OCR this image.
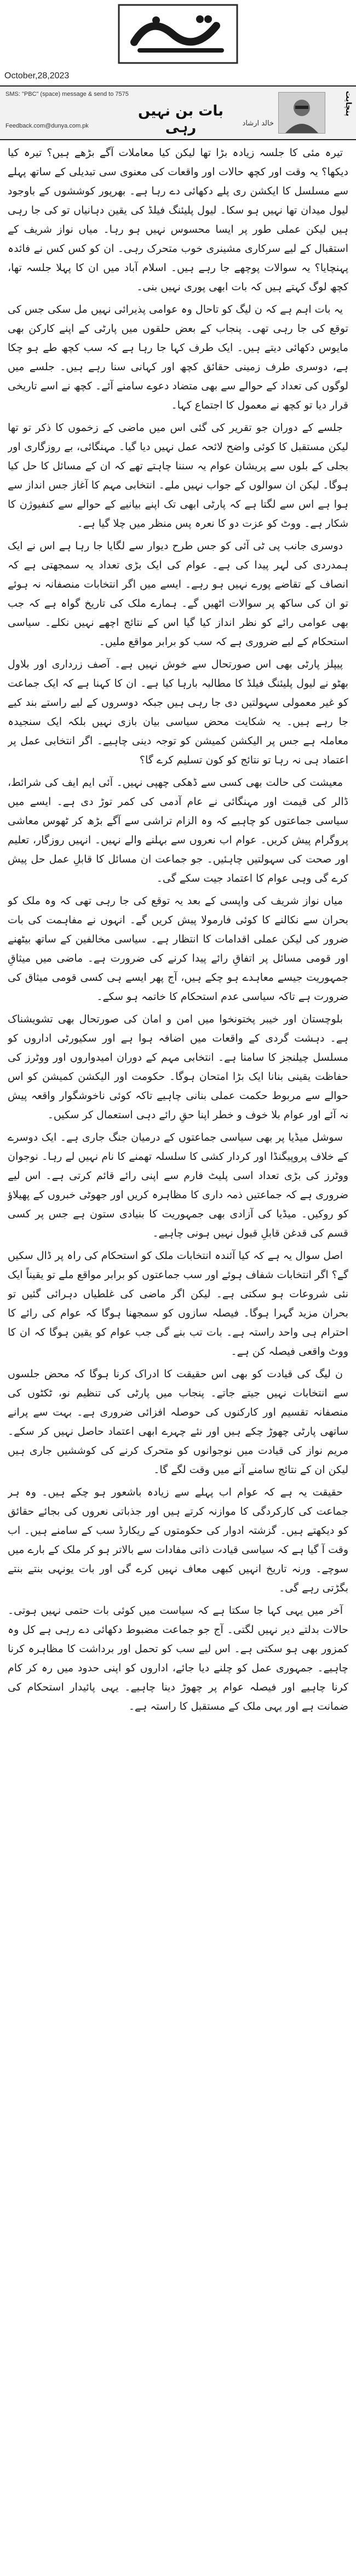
October,28,2023
SMS: "PBC" (space) message & send to 7575
Feedback.com@dunya.com.pk
بات بن نہیں رہی	خالد ارشاد
پنچایت

تیرہ مئی کا جلسہ زیادہ بڑا تھا لیکن کیا معاملات آگے بڑھے ہیں؟ تیرہ کیا دیکھا؟ یہ وقت اور کچھ حالات اور واقعات کی معنوی سی تبدیلی کے ساتھ پہلے سے مسلسل کا ایکشن ری پلے دکھائی دے رہا ہے۔ بھرپور کوششوں کے باوجود لیول میدان تھا نہیں ہو سکا۔ لیول پلیئنگ فیلڈ کی یقین دہانیاں تو کی جا رہی ہیں لیکن عملی طور پر ایسا محسوس نہیں ہو رہا۔ میاں نواز شریف کے استقبال کے لیے سرکاری مشینری خوب متحرک رہی۔ ان کو کس کس نے فائدہ پہنچایا؟ یہ سوالات پوچھے جا رہے ہیں۔ اسلام آباد میں ان کا پہلا جلسہ تھا، کچھ لوگ کہتے ہیں کہ بات ابھی پوری نہیں بنی۔

یہ بات اہم ہے کہ ن لیگ کو تاحال وہ عوامی پذیرائی نہیں مل سکی جس کی توقع کی جا رہی تھی۔ پنجاب کے بعض حلقوں میں پارٹی کے اپنے کارکن بھی مایوس دکھائی دیتے ہیں۔ ایک طرف کہا جا رہا ہے کہ سب کچھ طے ہو چکا ہے، دوسری طرف زمینی حقائق کچھ اور کہانی سنا رہے ہیں۔ جلسے میں لوگوں کی تعداد کے حوالے سے بھی متضاد دعوے سامنے آئے۔ کچھ نے اسے تاریخی قرار دیا تو کچھ نے معمول کا اجتماع کہا۔

جلسے کے دوران جو تقریر کی گئی اس میں ماضی کے زخموں کا ذکر تو تھا لیکن مستقبل کا کوئی واضح لائحہ عمل نہیں دیا گیا۔ مہنگائی، بے روزگاری اور بجلی کے بلوں سے پریشان عوام یہ سننا چاہتے تھے کہ ان کے مسائل کا حل کیا ہوگا۔ لیکن ان سوالوں کے جواب نہیں ملے۔ انتخابی مہم کا آغاز جس انداز سے ہوا ہے اس سے لگتا ہے کہ پارٹی ابھی تک اپنے بیانیے کے حوالے سے کنفیوژن کا شکار ہے۔ ووٹ کو عزت دو کا نعرہ پس منظر میں چلا گیا ہے۔

دوسری جانب پی ٹی آئی کو جس طرح دیوار سے لگایا جا رہا ہے اس نے ایک ہمدردی کی لہر پیدا کی ہے۔ عوام کی ایک بڑی تعداد یہ سمجھتی ہے کہ انصاف کے تقاضے پورے نہیں ہو رہے۔ ایسے میں اگر انتخابات منصفانہ نہ ہوئے تو ان کی ساکھ پر سوالات اٹھیں گے۔ ہمارے ملک کی تاریخ گواہ ہے کہ جب بھی عوامی رائے کو نظر انداز کیا گیا اس کے نتائج اچھے نہیں نکلے۔ سیاسی استحکام کے لیے ضروری ہے کہ سب کو برابر مواقع ملیں۔

پیپلز پارٹی بھی اس صورتحال سے خوش نہیں ہے۔ آصف زرداری اور بلاول بھٹو نے لیول پلیئنگ فیلڈ کا مطالبہ بارہا کیا ہے۔ ان کا کہنا ہے کہ ایک جماعت کو غیر معمولی سہولتیں دی جا رہی ہیں جبکہ دوسروں کے لیے راستے بند کیے جا رہے ہیں۔ یہ شکایت محض سیاسی بیان بازی نہیں بلکہ ایک سنجیدہ معاملہ ہے جس پر الیکشن کمیشن کو توجہ دینی چاہیے۔ اگر انتخابی عمل پر اعتماد ہی نہ رہا تو نتائج کو کون تسلیم کرے گا؟

معیشت کی حالت بھی کسی سے ڈھکی چھپی نہیں۔ آئی ایم ایف کی شرائط، ڈالر کی قیمت اور مہنگائی نے عام آدمی کی کمر توڑ دی ہے۔ ایسے میں سیاسی جماعتوں کو چاہیے کہ وہ الزام تراشی سے آگے بڑھ کر ٹھوس معاشی پروگرام پیش کریں۔ عوام اب نعروں سے بہلنے والے نہیں۔ انہیں روزگار، تعلیم اور صحت کی سہولتیں چاہئیں۔ جو جماعت ان مسائل کا قابلِ عمل حل پیش کرے گی وہی عوام کا اعتماد جیت سکے گی۔

میاں نواز شریف کی واپسی کے بعد یہ توقع کی جا رہی تھی کہ وہ ملک کو بحران سے نکالنے کا کوئی فارمولا پیش کریں گے۔ انہوں نے مفاہمت کی بات ضرور کی لیکن عملی اقدامات کا انتظار ہے۔ سیاسی مخالفین کے ساتھ بیٹھنے اور قومی مسائل پر اتفاقِ رائے پیدا کرنے کی ضرورت ہے۔ ماضی میں میثاقِ جمہوریت جیسے معاہدے ہو چکے ہیں، آج پھر ایسے ہی کسی قومی میثاق کی ضرورت ہے تاکہ سیاسی عدم استحکام کا خاتمہ ہو سکے۔

بلوچستان اور خیبر پختونخوا میں امن و امان کی صورتحال بھی تشویشناک ہے۔ دہشت گردی کے واقعات میں اضافہ ہوا ہے اور سکیورٹی اداروں کو مسلسل چیلنجز کا سامنا ہے۔ انتخابی مہم کے دوران امیدواروں اور ووٹرز کی حفاظت یقینی بنانا ایک بڑا امتحان ہوگا۔ حکومت اور الیکشن کمیشن کو اس حوالے سے مربوط حکمت عملی بنانی چاہیے تاکہ کوئی ناخوشگوار واقعہ پیش نہ آئے اور عوام بلا خوف و خطر اپنا حقِ رائے دہی استعمال کر سکیں۔

سوشل میڈیا پر بھی سیاسی جماعتوں کے درمیان جنگ جاری ہے۔ ایک دوسرے کے خلاف پروپیگنڈا اور کردار کشی کا سلسلہ تھمنے کا نام نہیں لے رہا۔ نوجوان ووٹرز کی بڑی تعداد اسی پلیٹ فارم سے اپنی رائے قائم کرتی ہے۔ اس لیے ضروری ہے کہ جماعتیں ذمہ داری کا مظاہرہ کریں اور جھوٹی خبروں کے پھیلاؤ کو روکیں۔ میڈیا کی آزادی بھی جمہوریت کا بنیادی ستون ہے جس پر کسی قسم کی قدغن قابلِ قبول نہیں ہونی چاہیے۔

اصل سوال یہ ہے کہ کیا آئندہ انتخابات ملک کو استحکام کی راہ پر ڈال سکیں گے؟ اگر انتخابات شفاف ہوئے اور سب جماعتوں کو برابر مواقع ملے تو یقیناً ایک نئی شروعات ہو سکتی ہے۔ لیکن اگر ماضی کی غلطیاں دہرائی گئیں تو بحران مزید گہرا ہوگا۔ فیصلہ سازوں کو سمجھنا ہوگا کہ عوام کی رائے کا احترام ہی واحد راستہ ہے۔ بات تب بنے گی جب عوام کو یقین ہوگا کہ ان کا ووٹ واقعی فیصلہ کن ہے۔

ن لیگ کی قیادت کو بھی اس حقیقت کا ادراک کرنا ہوگا کہ محض جلسوں سے انتخابات نہیں جیتے جاتے۔ پنجاب میں پارٹی کی تنظیم نو، ٹکٹوں کی منصفانہ تقسیم اور کارکنوں کی حوصلہ افزائی ضروری ہے۔ بہت سے پرانے ساتھی پارٹی چھوڑ چکے ہیں اور نئے چہرے ابھی اعتماد حاصل نہیں کر سکے۔ مریم نواز کی قیادت میں نوجوانوں کو متحرک کرنے کی کوششیں جاری ہیں لیکن ان کے نتائج سامنے آنے میں وقت لگے گا۔

حقیقت یہ ہے کہ عوام اب پہلے سے زیادہ باشعور ہو چکے ہیں۔ وہ ہر جماعت کی کارکردگی کا موازنہ کرتے ہیں اور جذباتی نعروں کی بجائے حقائق کو دیکھتے ہیں۔ گزشتہ ادوار کی حکومتوں کے ریکارڈ سب کے سامنے ہیں۔ اب وقت آ گیا ہے کہ سیاسی قیادت ذاتی مفادات سے بالاتر ہو کر ملک کے بارے میں سوچے۔ ورنہ تاریخ انہیں کبھی معاف نہیں کرے گی اور بات یونہی بنتے بنتے بگڑتی رہے گی۔

آخر میں یہی کہا جا سکتا ہے کہ سیاست میں کوئی بات حتمی نہیں ہوتی۔ حالات بدلتے دیر نہیں لگتی۔ آج جو جماعت مضبوط دکھائی دے رہی ہے کل وہ کمزور بھی ہو سکتی ہے۔ اس لیے سب کو تحمل اور برداشت کا مظاہرہ کرنا چاہیے۔ جمہوری عمل کو چلنے دیا جائے، اداروں کو اپنی حدود میں رہ کر کام کرنا چاہیے اور فیصلہ عوام پر چھوڑ دینا چاہیے۔ یہی پائیدار استحکام کی ضمانت ہے اور یہی ملک کے مستقبل کا راستہ ہے۔
